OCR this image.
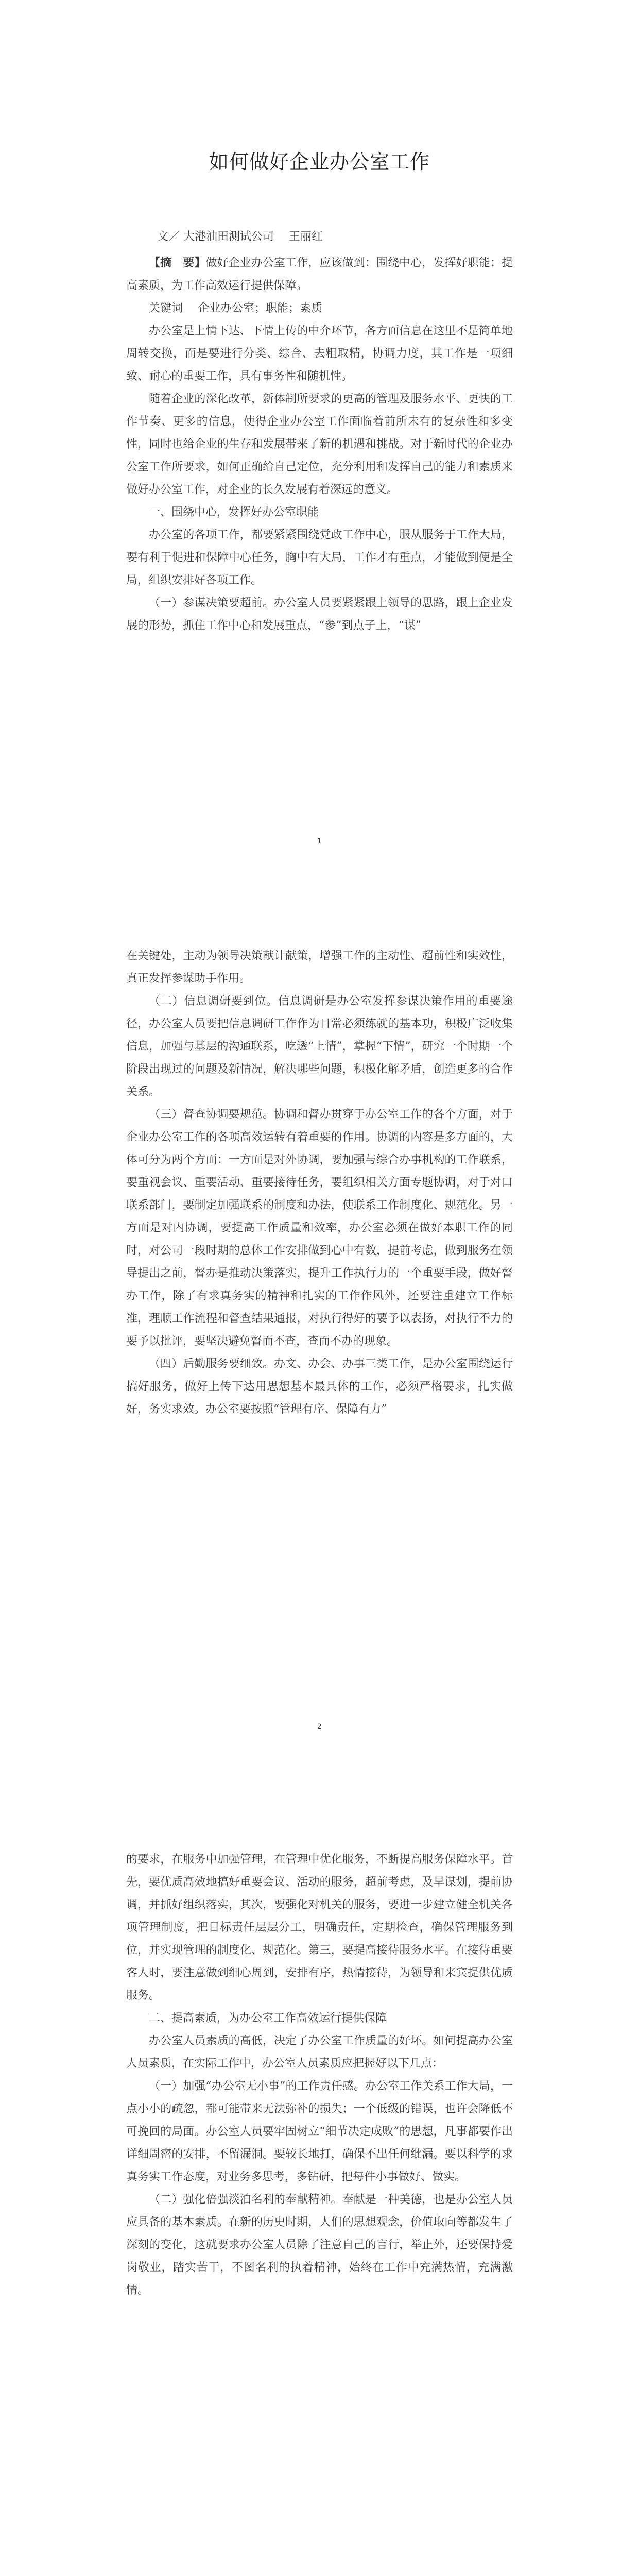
如何做好企业办公室工作

文／ 大港油田测试公司　 王丽红

【摘　要】做好企业办公室工作，应该做到：围绕中心，发挥好职能；提高素质，为工作高效运行提供保障。

关键词　 企业办公室；职能；素质

办公室是上情下达、下情上传的中介环节，各方面信息在这里不是简单地周转交换，而是要进行分类、综合、去粗取精，协调力度，其工作是一项细致、耐心的重要工作，具有事务性和随机性。

随着企业的深化改革，新体制所要求的更高的管理及服务水平、更快的工作节奏、更多的信息，使得企业办公室工作面临着前所未有的复杂性和多变性，同时也给企业的生存和发展带来了新的机遇和挑战。对于新时代的企业办公室工作所要求，如何正确给自己定位，充分利用和发挥自己的能力和素质来做好办公室工作，对企业的长久发展有着深远的意义。

一、围绕中心，发挥好办公室职能

办公室的各项工作，都要紧紧围绕党政工作中心，服从服务于工作大局，要有利于促进和保障中心任务，胸中有大局，工作才有重点，才能做到便是全局，组织安排好各项工作。

（一）参谋决策要超前。办公室人员要紧紧跟上领导的思路，跟上企业发展的形势，抓住工作中心和发展重点，“参”到点子上，“谋”

1

在关键处，主动为领导决策献计献策，增强工作的主动性、超前性和实效性，真正发挥参谋助手作用。

（二）信息调研要到位。信息调研是办公室发挥参谋决策作用的重要途径，办公室人员要把信息调研工作作为日常必须练就的基本功，积极广泛收集信息，加强与基层的沟通联系，吃透“上情”，掌握“下情”，研究一个时期一个阶段出现过的问题及新情况，解决哪些问题，积极化解矛盾，创造更多的合作关系。

（三）督查协调要规范。协调和督办贯穿于办公室工作的各个方面，对于企业办公室工作的各项高效运转有着重要的作用。协调的内容是多方面的，大体可分为两个方面：一方面是对外协调，要加强与综合办事机构的工作联系，要重视会议、重要活动、重要接待任务，要组织相关方面专题协调，对于对口联系部门，要制定加强联系的制度和办法，使联系工作制度化、规范化。另一方面是对内协调，要提高工作质量和效率，办公室必须在做好本职工作的同时，对公司一段时期的总体工作安排做到心中有数，提前考虑，做到服务在领导提出之前，督办是推动决策落实，提升工作执行力的一个重要手段，做好督办工作，除了有求真务实的精神和扎实的工作作风外，还要注重建立工作标准，理顺工作流程和督查结果通报，对执行得好的要予以表扬，对执行不力的要予以批评，要坚决避免督而不查，查而不办的现象。

（四）后勤服务要细致。办文、办会、办事三类工作，是办公室围绕运行搞好服务，做好上传下达用思想基本最具体的工作，必须严格要求，扎实做好，务实求效。办公室要按照“管理有序、保障有力”

2

的要求，在服务中加强管理，在管理中优化服务，不断提高服务保障水平。首先，要优质高效地搞好重要会议、活动的服务，超前考虑，及早谋划，提前协调，并抓好组织落实，其次，要强化对机关的服务，要进一步建立健全机关各项管理制度，把目标责任层层分工，明确责任，定期检查，确保管理服务到位，并实现管理的制度化、规范化。第三，要提高接待服务水平。在接待重要客人时，要注意做到细心周到，安排有序，热情接待，为领导和来宾提供优质服务。

二、提高素质，为办公室工作高效运行提供保障

办公室人员素质的高低，决定了办公室工作质量的好坏。如何提高办公室人员素质，在实际工作中，办公室人员素质应把握好以下几点：

（一）加强“办公室无小事”的工作责任感。办公室工作关系工作大局，一点小小的疏忽，都可能带来无法弥补的损失；一个低级的错误，也许会降低不可挽回的局面。办公室人员要牢固树立“细节决定成败”的思想，凡事都要作出详细周密的安排，不留漏洞。要较长地打，确保不出任何纰漏。要以科学的求真务实工作态度，对业务多思考，多钻研，把每件小事做好、做实。

（二）强化倍强淡泊名利的奉献精神。奉献是一种美德，也是办公室人员应具备的基本素质。在新的历史时期，人们的思想观念，价值取向等都发生了深刻的变化，这就要求办公室人员除了注意自己的言行，举止外，还要保持爱岗敬业，踏实苦干，不图名利的执着精神，始终在工作中充满热情，充满激情。
